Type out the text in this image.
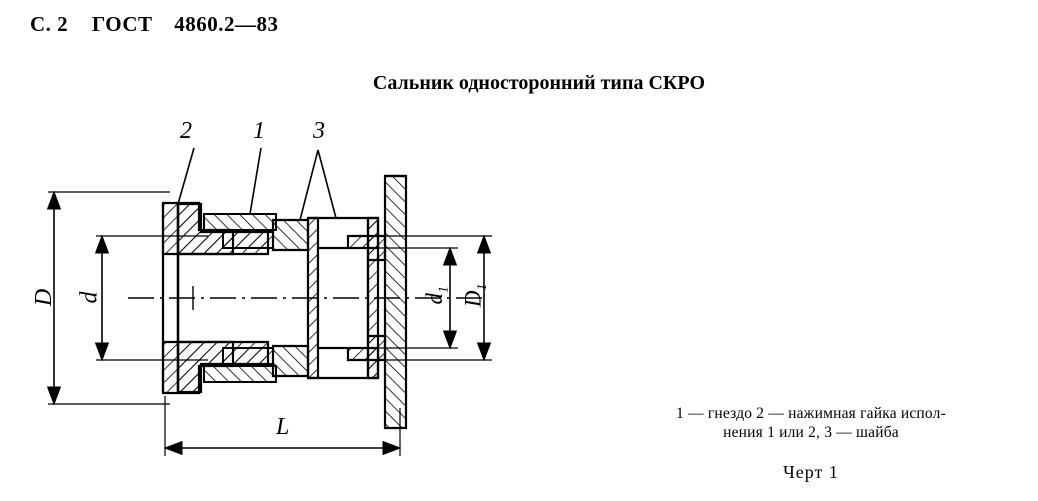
С. 2 ГОСТ 4860.2—83
Сальник односторонний типа СКРО
2	1 3
D d	$d_1$
$D_1$
L
1 — гнездо 2 — нажимная гайка испол-
нения 1 или 2, 3 — шайба
Черт 1
